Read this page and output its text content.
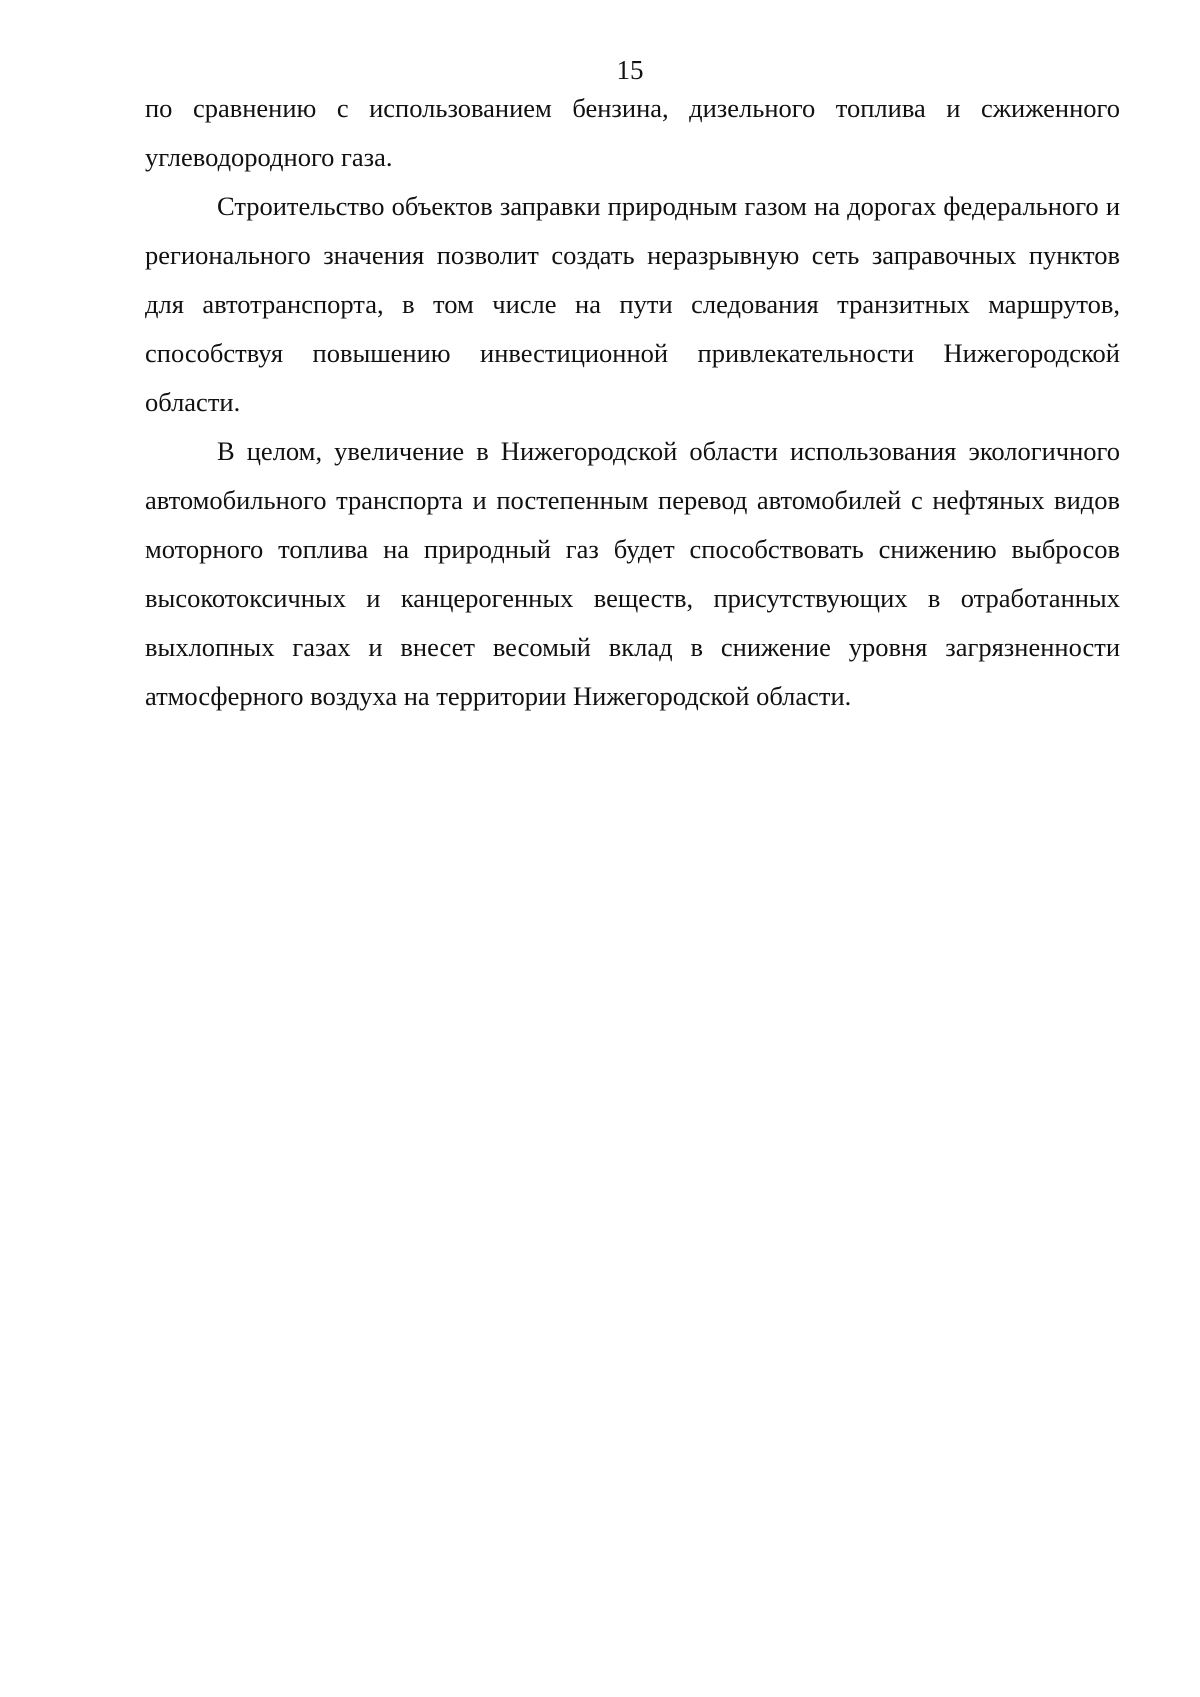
15

по сравнению с использованием бензина, дизельного топлива и сжиженного углеводородного газа.

Строительство объектов заправки природным газом на дорогах федерального и регионального значения позволит создать неразрывную сеть заправочных пунктов для автотранспорта, в том числе на пути следования транзитных маршрутов, способствуя повышению инвестиционной привлекательности Нижегородской области.

В целом, увеличение в Нижегородской области использования экологичного автомобильного транспорта и постепенным перевод автомобилей с нефтяных видов моторного топлива на природный газ будет способствовать снижению выбросов высокотоксичных и канцерогенных веществ, присутствующих в отработанных выхлопных газах и внесет весомый вклад в снижение уровня загрязненности атмосферного воздуха на территории Нижегородской области.
